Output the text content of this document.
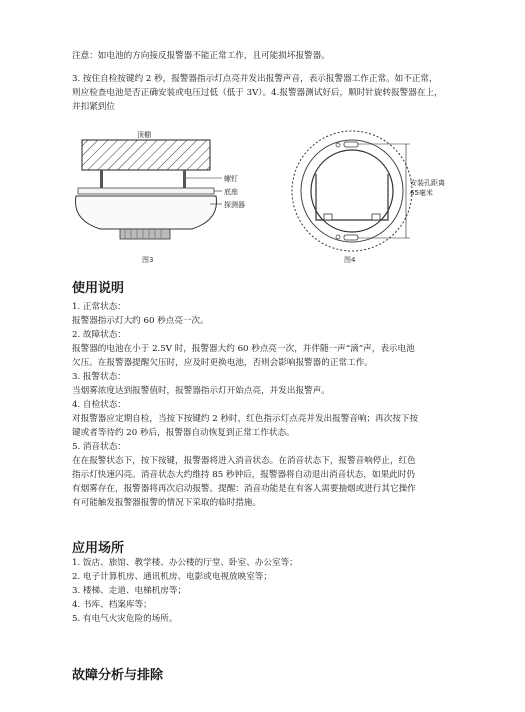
注意：如电池的方向接反报警器不能正常工作，且可能损坏报警器。

3. 按住自检按键约 2 秒，报警器指示灯点亮并发出报警声音，表示报警器工作正常。如不正常，
则应检查电池是否正确安装或电压过低（低于 3V）。4.报警器测试好后，顺时针旋转报警器在上，
并扣紧到位

顶棚
螺钉
底座
探测器
图3
安装孔距离
65毫米
图4
使用说明

1. 正常状态：
报警器指示灯大约 60 秒点亮一次。
2. 故障状态：
报警器的电池在小于 2.5V 时，报警器大约 60 秒点亮一次，并伴随一声“滴”声，表示电池
欠压。在报警器提醒欠压时，应及时更换电池，否则会影响报警器的正常工作。
3. 报警状态：
当烟雾浓度达到报警值时，报警器指示灯开始点亮，并发出报警声。
4. 自检状态：
对报警器应定期自检，当按下按键约 2 秒时，红色指示灯点亮并发出报警音响；再次按下按
键或者等待约 20 秒后，报警器自动恢复到正常工作状态。
5. 消音状态：
在在报警状态下，按下按键，报警器将进入消音状态。在消音状态下，报警音响停止，红色
指示灯快速闪亮。消音状态大约维持 85 秒钟后，报警器将自动退出消音状态，如果此时仍
有烟雾存在，报警器将再次启动报警。提醒：消音功能是在有客人需要抽烟或进行其它操作
有可能触发报警器报警的情况下采取的临时措施。

应用场所

1. 饭店、旅馆、教学楼、办公楼的厅堂、卧室、办公室等；
2. 电子计算机房、通讯机房、电影或电视放映室等；
3. 楼梯、走道、电梯机房等；
4. 书库、档案库等；
5. 有电气火灾危险的场所。

故障分析与排除
